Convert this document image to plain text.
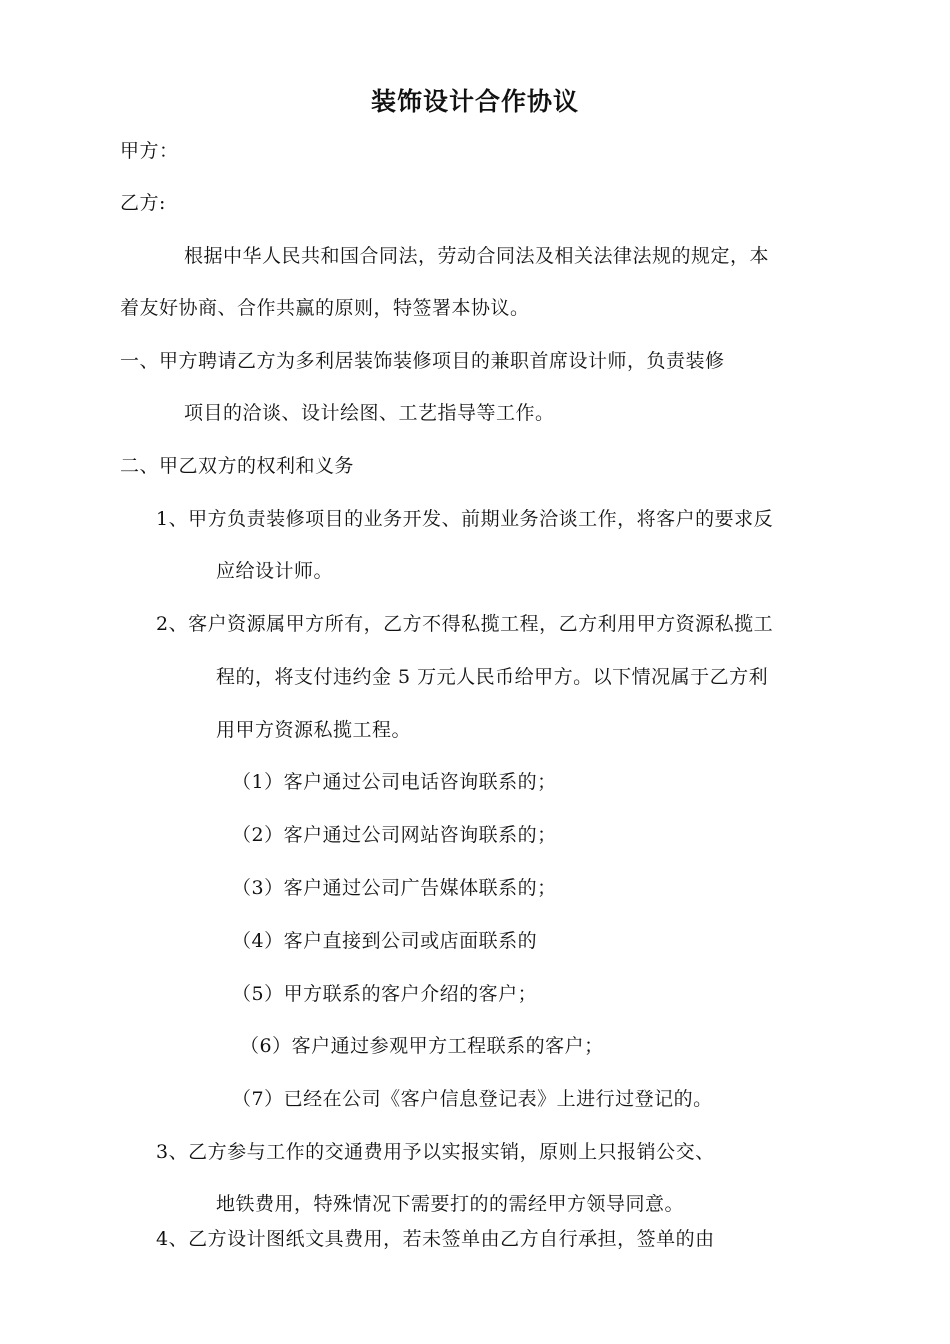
装饰设计合作协议
甲方：
乙方:
根据中华人民共和国合同法，劳动合同法及相关法律法规的规定，本
着友好协商、合作共赢的原则，特签署本协议。
一、甲方聘请乙方为多利居装饰装修项目的兼职首席设计师，负责装修
项目的洽谈、设计绘图、工艺指导等工作。
二、甲乙双方的权利和义务
1、甲方负责装修项目的业务开发、前期业务洽谈工作，将客户的要求反
应给设计师。
2、客户资源属甲方所有，乙方不得私揽工程，乙方利用甲方资源私揽工
程的，将支付违约金 5 万元人民币给甲方。以下情况属于乙方利
用甲方资源私揽工程。
（1）客户通过公司电话咨询联系的；
（2）客户通过公司网站咨询联系的；
（3）客户通过公司广告媒体联系的；
（4）客户直接到公司或店面联系的
（5）甲方联系的客户介绍的客户；
（6）客户通过参观甲方工程联系的客户；
（7）已经在公司《客户信息登记表》上进行过登记的。
3、乙方参与工作的交通费用予以实报实销，原则上只报销公交、
地铁费用，特殊情况下需要打的的需经甲方领导同意。
4、乙方设计图纸文具费用，若未签单由乙方自行承担，签单的由
